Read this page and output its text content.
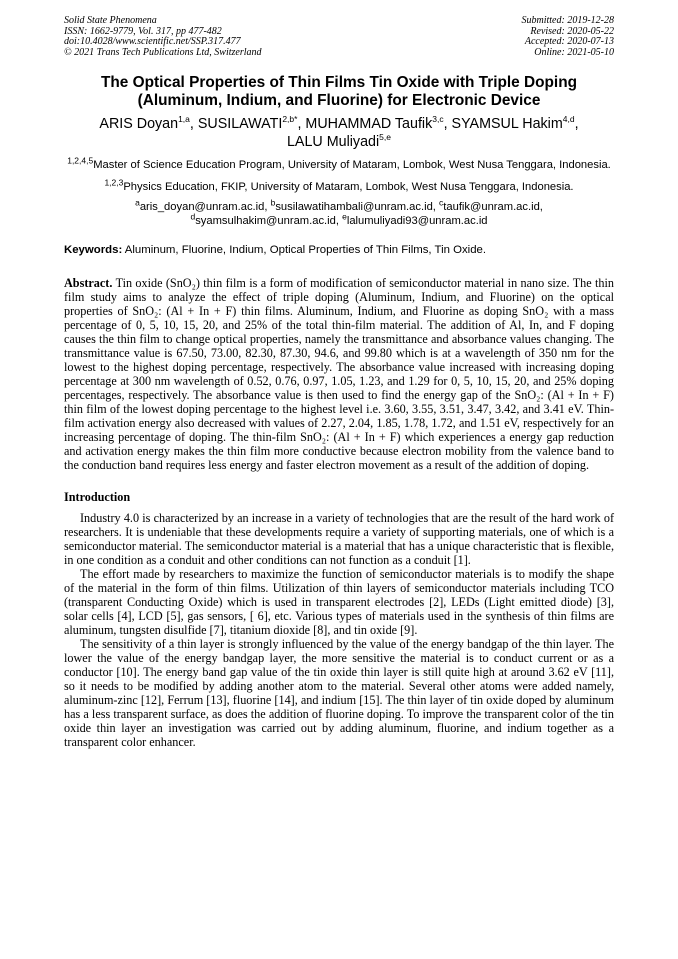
Solid State Phenomena
ISSN: 1662-9779, Vol. 317, pp 477-482
doi:10.4028/www.scientific.net/SSP.317.477
© 2021 Trans Tech Publications Ltd, Switzerland
Submitted: 2019-12-28
Revised: 2020-05-22
Accepted: 2020-07-13
Online: 2021-05-10
The Optical Properties of Thin Films Tin Oxide with Triple Doping (Aluminum, Indium, and Fluorine) for Electronic Device
ARIS Doyan$^{1,a}$, $SUSILAWATI^{2,b*}$, MUHAMMAD Taufik$^{3,c}$, SYAMSUL Hakim$^{4,d}$, LALU Muliyadi$^{5,e}$
$^{1,2,4,5}$Master of Science Education Program, University of Mataram, Lombok, West Nusa Tenggara, Indonesia.
$^{1,2,3}$Physics Education, FKIP, University of Mataram, Lombok, West Nusa Tenggara, Indonesia.
$^a$aris_doyan@unram.ac.id, $^b$susilawatihambali@unram.ac.id, $^c$taufik@unram.ac.id, $^d$syamsulhakim@unram.ac.id, $^e$lalumuliyadi93@unram.ac.id
Keywords: Aluminum, Fluorine, Indium, Optical Properties of Thin Films, Tin Oxide.
Abstract. Tin oxide (SnO₂) thin film is a form of modification of semiconductor material in nano size. The thin film study aims to analyze the effect of triple doping (Aluminum, Indium, and Fluorine) on the optical properties of SnO₂: (Al + In + F) thin films. Aluminum, Indium, and Fluorine as doping SnO₂ with a mass percentage of 0, 5, 10, 15, 20, and 25% of the total thin-film material. The addition of Al, In, and F doping causes the thin film to change optical properties, namely the transmittance and absorbance values changing. The transmittance value is 67.50, 73.00, 82.30, 87.30, 94.6, and 99.80 which is at a wavelength of 350 nm for the lowest to the highest doping percentage, respectively. The absorbance value increased with increasing doping percentage at 300 nm wavelength of 0.52, 0.76, 0.97, 1.05, 1.23, and 1.29 for 0, 5, 10, 15, 20, and 25% doping percentages, respectively. The absorbance value is then used to find the energy gap of the SnO₂: (Al + In + F) thin film of the lowest doping percentage to the highest level i.e. 3.60, 3.55, 3.51, 3.47, 3.42, and 3.41 eV. Thin-film activation energy also decreased with values of 2.27, 2.04, 1.85, 1.78, 1.72, and 1.51 eV, respectively for an increasing percentage of doping. The thin-film SnO₂: (Al + In + F) which experiences a energy gap reduction and activation energy makes the thin film more conductive because electron mobility from the valence band to the conduction band requires less energy and faster electron movement as a result of the addition of doping.
Introduction

Industry 4.0 is characterized by an increase in a variety of technologies that are the result of the hard work of researchers. It is undeniable that these developments require a variety of supporting materials, one of which is a semiconductor material. The semiconductor material is a material that has a unique characteristic that is flexible, in one condition as a conduit and other conditions can not function as a conduit [1].

The effort made by researchers to maximize the function of semiconductor materials is to modify the shape of the material in the form of thin films. Utilization of thin layers of semiconductor materials including TCO (transparent Conducting Oxide) which is used in transparent electrodes [2], LEDs (Light emitted diode) [3], solar cells [4], LCD [5], gas sensors, [ 6], etc. Various types of materials used in the synthesis of thin films are aluminum, tungsten disulfide [7], titanium dioxide [8], and tin oxide [9].

The sensitivity of a thin layer is strongly influenced by the value of the energy bandgap of the thin layer. The lower the value of the energy bandgap layer, the more sensitive the material is to conduct current or as a conductor [10]. The energy band gap value of the tin oxide thin layer is still quite high at around 3.62 eV [11], so it needs to be modified by adding another atom to the material. Several other atoms were added namely, aluminum-zinc [12], Ferrum [13], fluorine [14], and indium [15]. The thin layer of tin oxide doped by aluminum has a less transparent surface, as does the addition of fluorine doping. To improve the transparent color of the tin oxide thin layer an investigation was carried out by adding aluminum, fluorine, and indium together as a transparent color enhancer.
